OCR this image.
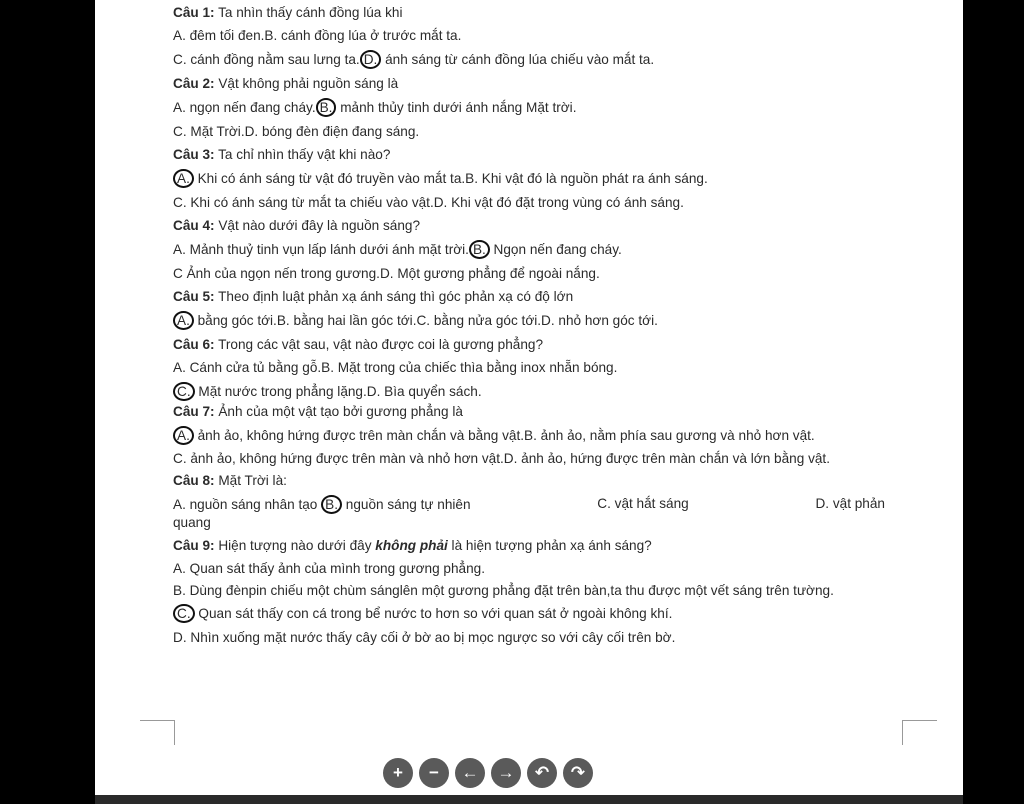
Câu 1: Ta nhìn thấy cánh đồng lúa khi

A. đêm tối đen.B. cánh đồng lúa ở trước mắt ta.

C. cánh đồng nằm sau lưng ta. D. ánh sáng từ cánh đồng lúa chiếu vào mắt ta.

Câu 2: Vật không phải nguồn sáng là

A. ngọn nến đang cháy. B. mảnh thủy tinh dưới ánh nắng Mặt trời.

C. Mặt Trời.D. bóng đèn điện đang sáng.

Câu 3: Ta chỉ nhìn thấy vật khi nào?

A. Khi có ánh sáng từ vật đó truyền vào mắt ta.B. Khi vật đó là nguồn phát ra ánh sáng.

C. Khi có ánh sáng từ mắt ta chiếu vào vật.D. Khi vật đó đặt trong vùng có ánh sáng.

Câu 4: Vật nào dưới đây là nguồn sáng?

A. Mảnh thuỷ tinh vụn lấp lánh dưới ánh mặt trời. B. Ngọn nến đang cháy.

C Ảnh của ngọn nến trong gương.D. Một gương phẳng để ngoài nắng.

Câu 5: Theo định luật phản xạ ánh sáng thì góc phản xạ có độ lớn

A. bằng góc tới.B. bằng hai lần góc tới.C. bằng nửa góc tới.D. nhỏ hơn góc tới.

Câu 6: Trong các vật sau, vật nào được coi là gương phẳng?

A. Cánh cửa tủ bằng gỗ.B. Mặt trong của chiếc thìa bằng inox nhẵn bóng.

C. Mặt nước trong phẳng lặng.D. Bìa quyển sách.

Câu 7: Ảnh của một vật tạo bởi gương phẳng là

A. ảnh ảo, không hứng được trên màn chắn và bằng vật.B. ảnh ảo, nằm phía sau gương và nhỏ hơn vật.

C. ảnh ảo, không hứng được trên màn và nhỏ hơn vật.D. ảnh ảo, hứng được trên màn chắn và lớn bằng vật.

Câu 8: Mặt Trời là:

A. nguồn sáng nhân tạo B. nguồn sáng tự nhiên	C. vật hắt sáng	D. vật phản

quang

Câu 9: Hiện tượng nào dưới đây không phải là hiện tượng phản xạ ánh sáng?

A. Quan sát thấy ảnh của mình trong gương phẳng.

B. Dùng đènpin chiếu một chùm sánglên một gương phẳng đặt trên bàn,ta thu được một vết sáng trên tường.

C. Quan sát thấy con cá trong bể nước to hơn so với quan sát ở ngoài không khí.

D. Nhìn xuống mặt nước thấy cây cối ở bờ ao bị mọc ngược so với cây cối trên bờ.

+	−	←	→	↶	↷
